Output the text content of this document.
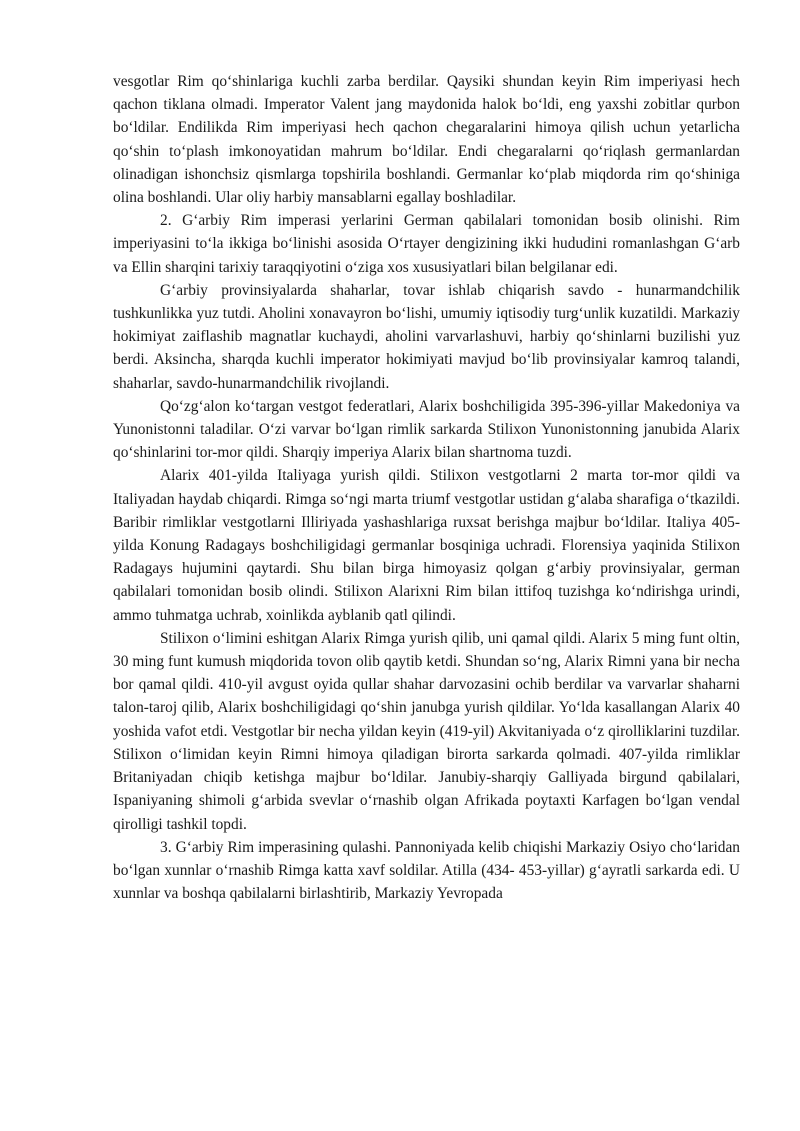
vesgotlar Rim qo‘shinlariga kuchli zarba berdilar. Qaysiki shundan keyin Rim imperiyasi hech qachon tiklana olmadi. Imperator Valent jang maydonida halok bo‘ldi, eng yaxshi zobitlar qurbon bo‘ldilar. Endilikda Rim imperiyasi hech qachon chegaralarini himoya qilish uchun yetarlicha qo‘shin to‘plash imkonoyatidan mahrum bo‘ldilar. Endi chegaralarni qo‘riqlash germanlardan olinadigan ishonchsiz qismlarga topshirila boshlandi. Germanlar ko‘plab miqdorda rim qo‘shiniga olina boshlandi. Ular oliy harbiy mansablarni egallay boshladilar.

2. G‘arbiy Rim imperasi yerlarini German qabilalari tomonidan bosib olinishi. Rim imperiyasini to‘la ikkiga bo‘linishi asosida O‘rtayer dengizining ikki hududini romanlashgan G‘arb va Ellin sharqini tarixiy taraqqiyotini o‘ziga xos xususiyatlari bilan belgilanar edi.

G‘arbiy provinsiyalarda shaharlar, tovar ishlab chiqarish savdo - hunarmandchilik tushkunlikka yuz tutdi. Aholini xonavayron bo‘lishi, umumiy iqtisodiy turg‘unlik kuzatildi. Markaziy hokimiyat zaiflashib magnatlar kuchaydi, aholini varvarlashuvi, harbiy qo‘shinlarni buzilishi yuz berdi. Aksincha, sharqda kuchli imperator hokimiyati mavjud bo‘lib provinsiyalar kamroq talandi, shaharlar, savdo-hunarmandchilik rivojlandi.

Qo‘zg‘alon ko‘targan vestgot federatlari, Alarix boshchiligida 395-396-yillar Makedoniya va Yunonistonni taladilar. O‘zi varvar bo‘lgan rimlik sarkarda Stilixon Yunonistonning janubida Alarix qo‘shinlarini tor-mor qildi. Sharqiy imperiya Alarix bilan shartnoma tuzdi.

Alarix 401-yilda Italiyaga yurish qildi. Stilixon vestgotlarni 2 marta tor-mor qildi va Italiyadan haydab chiqardi. Rimga so‘ngi marta triumf vestgotlar ustidan g‘alaba sharafiga o‘tkazildi. Baribir rimliklar vestgotlarni Illiriyada yashashlariga ruxsat berishga majbur bo‘ldilar. Italiya 405-yilda Konung Radagays boshchiligidagi germanlar bosqiniga uchradi. Florensiya yaqinida Stilixon Radagays hujumini qaytardi. Shu bilan birga himoyasiz qolgan g‘arbiy provinsiyalar, german qabilalari tomonidan bosib olindi. Stilixon Alarixni Rim bilan ittifoq tuzishga ko‘ndirishga urindi, ammo tuhmatga uchrab, xoinlikda ayblanib qatl qilindi.

Stilixon o‘limini eshitgan Alarix Rimga yurish qilib, uni qamal qildi. Alarix 5 ming funt oltin, 30 ming funt kumush miqdorida tovon olib qaytib ketdi. Shundan so‘ng, Alarix Rimni yana bir necha bor qamal qildi. 410-yil avgust oyida qullar shahar darvozasini ochib berdilar va varvarlar shaharni talon-taroj qilib, Alarix boshchiligidagi qo‘shin janubga yurish qildilar. Yo‘lda kasallangan Alarix 40 yoshida vafot etdi. Vestgotlar bir necha yildan keyin (419-yil) Akvitaniyada o‘z qirolliklarini tuzdilar. Stilixon o‘limidan keyin Rimni himoya qiladigan birorta sarkarda qolmadi. 407-yilda rimliklar Britaniyadan chiqib ketishga majbur bo‘ldilar. Janubiy-sharqiy Galliyada birgund qabilalari, Ispaniyaning shimoli g‘arbida svevlar o‘rnashib olgan Afrikada poytaxti Karfagen bo‘lgan vendal qirolligi tashkil topdi.

3. G‘arbiy Rim imperasining qulashi. Pannoniyada kelib chiqishi Markaziy Osiyo cho‘laridan bo‘lgan xunnlar o‘rnashib Rimga katta xavf soldilar. Atilla (434- 453-yillar) g‘ayratli sarkarda edi. U xunnlar va boshqa qabilalarni birlashtirib, Markaziy Yevropada
